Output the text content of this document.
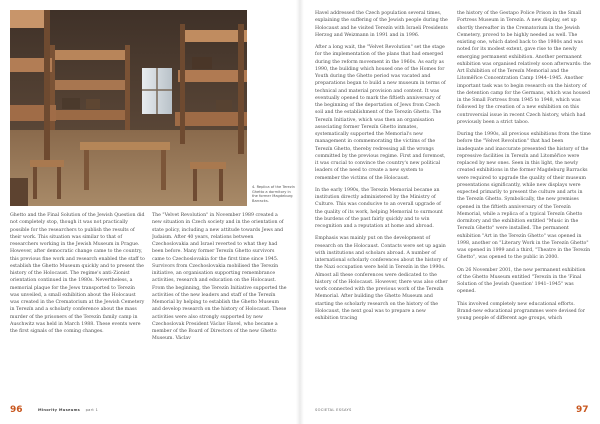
4. Replica of the Terezín Ghetto a dormitory in the former Magdeburg Barracks.

Ghetto and the Final Solution of the Jewish Question did not completely stop, though it was not practically possible for the researchers to publish the results of their work. This situation was similar to that of researchers working in the Jewish Museum in Prague. However, after democratic change came to the country, this previous fine work and research enabled the staff to establish the Ghetto Museum quickly and to present the history of the Holocaust. The regime's anti-Zionist orientation continued in the 1980s. Nevertheless, a memorial plaque for the Jews transported to Terezín was unveiled, a small exhibition about the Holocaust was created in the Crematorium at the Jewish Cemetery in Terezín and a scholarly conference about the mass murder of the prisoners of the Terezín family camp in Auschwitz was held in March 1988. These events were the first signals of the coming changes.

The "Velvet Revolution" in November 1989 created a new situation in Czech society and in the orientation of state policy, including a new attitude towards Jews and Judaism. After 40 years, relations between Czechoslovakia and Israel reverted to what they had been before. Many former Terezín Ghetto survivors came to Czechoslovakia for the first time since 1945. Survivors from Czechoslovakia mobilised the Terezín initiative, an organisation supporting remembrance activities, research and education on the Holocaust. From the beginning, the Terezín Initiative supported the activities of the new leaders and staff of the Terezín Memorial by helping to establish the Ghetto Museum and develop research on the history of Holocaust. These activities were also strongly supported by new Czechoslovak President Václav Havel, who became a member of the Board of Directors of the new Ghetto Museum. Václav

Havel addressed the Czech population several times, explaining the suffering of the Jewish people during the Holocaust and he visited Terezín with Israeli Presidents Herzog and Weizmann in 1991 and in 1996.

After a long wait, the "Velvet Revolution" set the stage for the implementation of the plans that had emerged during the reform movement in the 1960s. As early as 1990, the building which housed one of the Homes for Youth during the Ghetto period was vacated and preparations began to build a new museum in terms of technical and material provision and content. It was eventually opened to mark the fiftieth anniversary of the beginning of the deportation of Jews from Czech soil and the establishment of the Terezín Ghetto. The Terezín Initiative, which was then an organisation associating former Terezín Ghetto inmates, systematically supported the Memorial's new management in commemorating the victims of the Terezín Ghetto, thereby redressing all the wrongs committed by the previous regime. First and foremost, it was crucial to convince the country's new political leaders of the need to create a new system to remember the victims of the Holocaust.

In the early 1990s, the Terezín Memorial became an institution directly administered by the Ministry of Culture. This was conducive to an overall upgrade of the quality of its work, helping Memorial to surmount the burdens of the past fairly quickly and to win recognition and a reputation at home and abroad.

Emphasis was mainly put on the development of research on the Holocaust. Contacts were set up again with institutions and scholars abroad. A number of international scholarly conferences about the history of the Nazi occupation were held in Terezín in the 1990s. Almost all these conferences were dedicated to the history of the Holocaust. However, there was also other work connected with the previous work of the Terezín Memorial. After building the Ghetto Museum and starting the scholarly research on the history of the Holocaust, the next goal was to prepare a new exhibition tracing

the history of the Gestapo Police Prison in the Small Fortress Museum in Terezín. A new display, set up shortly thereafter in the Crematorium in the Jewish Cemetery, proved to be highly needed as well. The existing one, which dated back to the 1980s and was noted for its modest extent, gave rise to the newly emerging permanent exhibition. Another permanent exhibition was organised relatively soon afterwards: the Art Exhibition of the Terezín Memorial and the Litoměřice Concentration Camp 1944–1945. Another important task was to begin research on the history of the detention camp for the Germans, which was housed in the Small Fortress from 1945 to 1948, which was followed by the creation of a new exhibition on this controversial issue in recent Czech history, which had previously been a strict taboo.

During the 1990s, all previous exhibitions from the time before the "Velvet Revolution" that had been inadequate and inaccurate presented the history of the repressive facilities in Terezín and Litoměřice were replaced by new ones. Seen in this light, the newly created exhibitions in the former Magdeburg Barracks were required to upgrade the quality of their museum presentations significantly, while new displays were expected primarily to present the culture and arts in the Terezín Ghetto. Symbolically, the new premises opened in the fiftieth anniversary of the Terezín Memorial, while a replica of a typical Terezín Ghetto dormitory and the exhibition entitled "Music in the Terezín Ghetto" were installed. The permanent exhibition "Art in the Terezín Ghetto" was opened in 1998, another on "Literary Work in the Terezín Ghetto" was opened in 1999 and a third, "Theatre in the Terezín Ghetto", was opened to the public in 2000.

On 26 November 2001, the new permanent exhibition of the Ghetto Museum entitled "Terezín in the 'Final Solution of the Jewish Question' 1941–1945" was opened.

This involved completely new educational efforts. Brand-new educational programmes were devised for young people of different age groups, which

96	Minority Museums part 1	SOCIETAL ESSAYS	97
